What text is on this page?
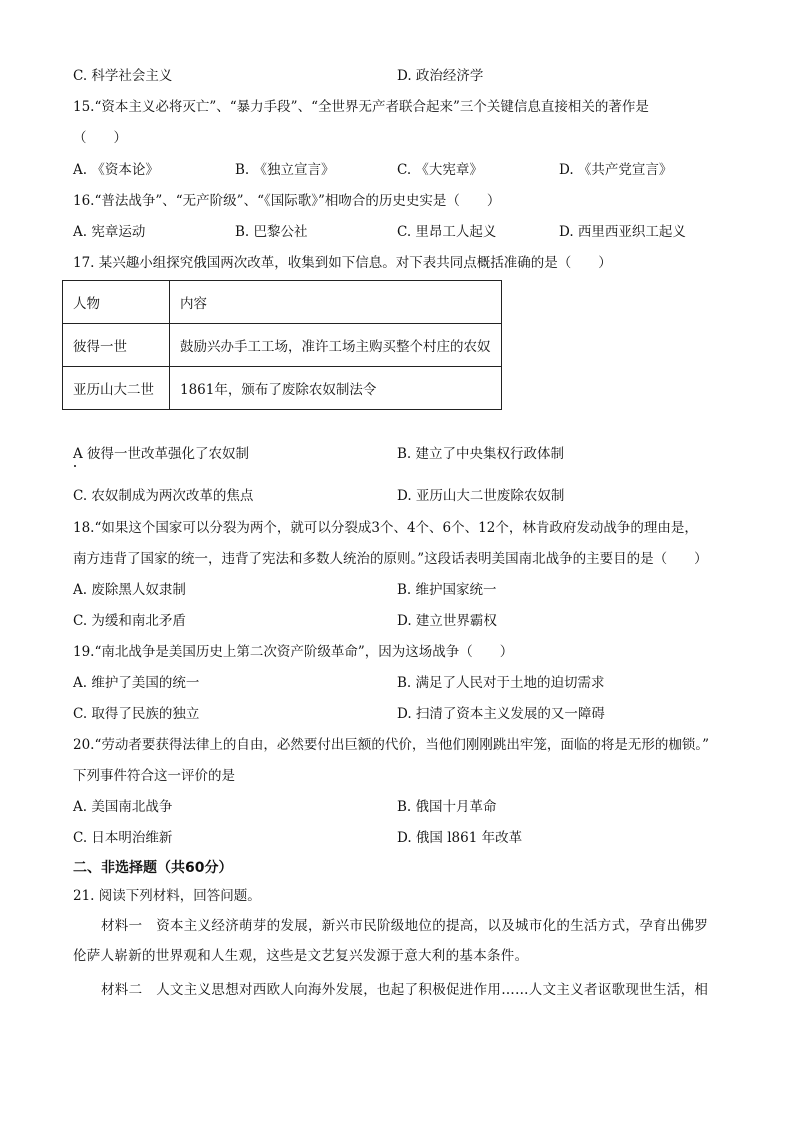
C. 科学社会主义	D. 政治经济学
15.“资本主义必将灭亡”、“暴力手段”、“全世界无产者联合起来”三个关键信息直接相关的著作是
（　　）
A. 《资本论》	B. 《独立宣言》	C. 《大宪章》	D. 《共产党宣言》
16.“普法战争”、“无产阶级”、“《国际歌》”相吻合的历史史实是（　　）
A. 宪章运动	B. 巴黎公社	C. 里昂工人起义	D. 西里西亚织工起义
17. 某兴趣小组探究俄国两次改革，收集到如下信息。对下表共同点概括准确的是（　　）
人物	内容
彼得一世	鼓励兴办手工工场，准许工场主购买整个村庄的农奴
亚历山大二世	1861年，颁布了废除农奴制法令
A 彼得一世改革强化了农奴制	B. 建立了中央集权行政体制
C. 农奴制成为两次改革的焦点	D. 亚历山大二世废除农奴制
18.“如果这个国家可以分裂为两个，就可以分裂成3个、4个、6个、12个，林肯政府发动战争的理由是，
南方违背了国家的统一，违背了宪法和多数人统治的原则。”这段话表明美国南北战争的主要目的是（　　）
A. 废除黑人奴隶制	B. 维护国家统一
C. 为缓和南北矛盾	D. 建立世界霸权
19.“南北战争是美国历史上第二次资产阶级革命”，因为这场战争（　　）
A. 维护了美国的统一	B. 满足了人民对于土地的迫切需求
C. 取得了民族的独立	D. 扫清了资本主义发展的又一障碍
20.“劳动者要获得法律上的自由，必然要付出巨额的代价，当他们刚刚跳出牢笼，面临的将是无形的枷锁。”
下列事件符合这一评价的是
A. 美国南北战争	B. 俄国十月革命
C. 日本明治维新	D. 俄国 l861 年改革
二、非选择题（共60分）
21. 阅读下列材料，回答问题。
材料一　资本主义经济萌芽的发展，新兴市民阶级地位的提高，以及城市化的生活方式，孕育出佛罗
伦萨人崭新的世界观和人生观，这些是文艺复兴发源于意大利的基本条件。
材料二　人文主义思想对西欧人向海外发展，也起了积极促进作用……人文主义者讴歌现世生活，相
